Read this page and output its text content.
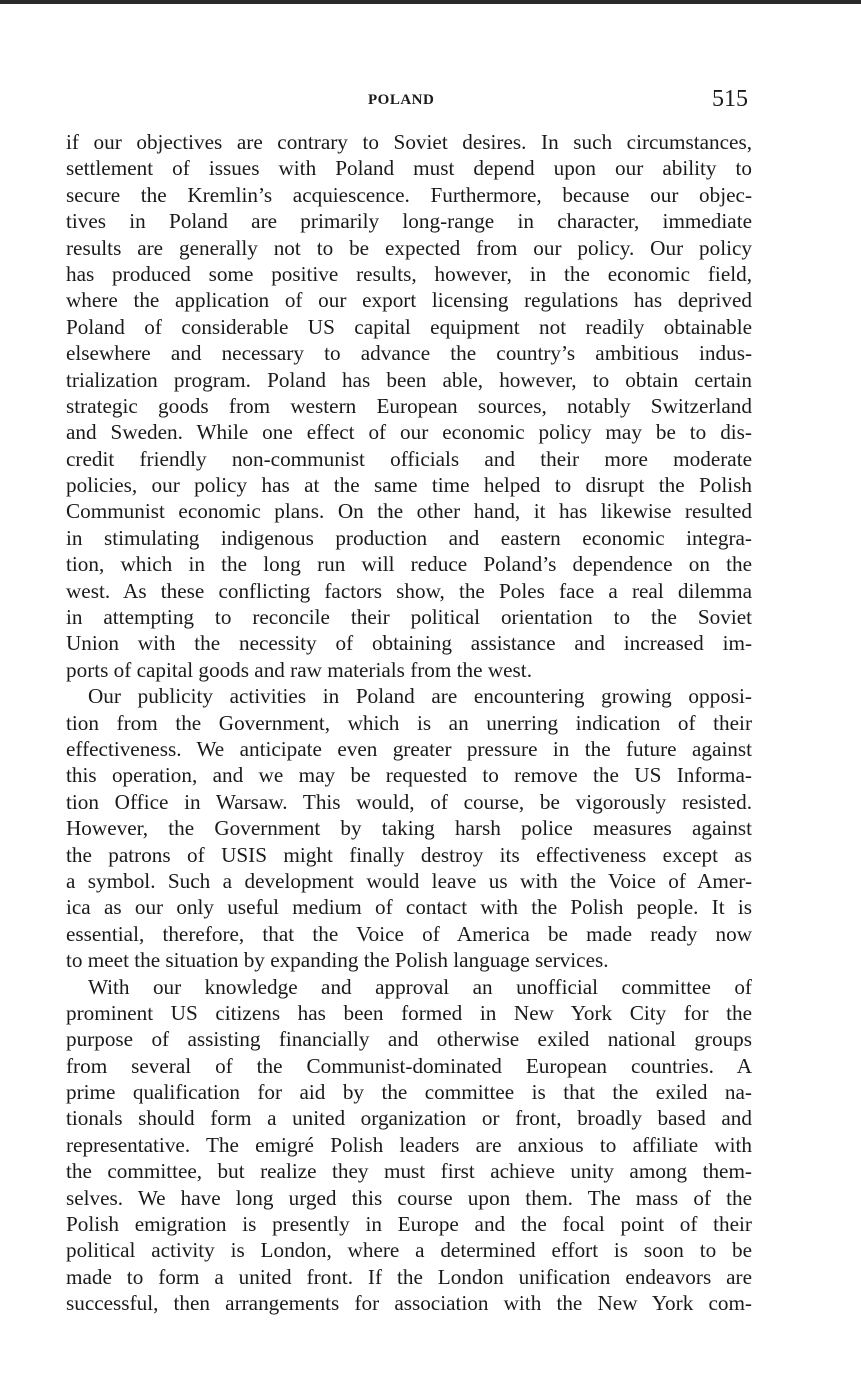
POLAND	515
if our objectives are contrary to Soviet desires. In such circumstances,
settlement of issues with Poland must depend upon our ability to
secure the Kremlin’s acquiescence. Furthermore, because our objec-
tives in Poland are primarily long-range in character, immediate
results are generally not to be expected from our policy. Our policy
has produced some positive results, however, in the economic field,
where the application of our export licensing regulations has deprived
Poland of considerable US capital equipment not readily obtainable
elsewhere and necessary to advance the country’s ambitious indus-
trialization program. Poland has been able, however, to obtain certain
strategic goods from western European sources, notably Switzerland
and Sweden. While one effect of our economic policy may be to dis-
credit friendly non-communist officials and their more moderate
policies, our policy has at the same time helped to disrupt the Polish
Communist economic plans. On the other hand, it has likewise resulted
in stimulating indigenous production and eastern economic integra-
tion, which in the long run will reduce Poland’s dependence on the
west. As these conflicting factors show, the Poles face a real dilemma
in attempting to reconcile their political orientation to the Soviet
Union with the necessity of obtaining assistance and increased im-
ports of capital goods and raw materials from the west.
Our publicity activities in Poland are encountering growing opposi-
tion from the Government, which is an unerring indication of their
effectiveness. We anticipate even greater pressure in the future against
this operation, and we may be requested to remove the US Informa-
tion Office in Warsaw. This would, of course, be vigorously resisted.
However, the Government by taking harsh police measures against
the patrons of USIS might finally destroy its effectiveness except as
a symbol. Such a development would leave us with the Voice of Amer-
ica as our only useful medium of contact with the Polish people. It is
essential, therefore, that the Voice of America be made ready now
to meet the situation by expanding the Polish language services.
With our knowledge and approval an unofficial committee of
prominent US citizens has been formed in New York City for the
purpose of assisting financially and otherwise exiled national groups
from several of the Communist-dominated European countries. A
prime qualification for aid by the committee is that the exiled na-
tionals should form a united organization or front, broadly based and
representative. The emigré Polish leaders are anxious to affiliate with
the committee, but realize they must first achieve unity among them-
selves. We have long urged this course upon them. The mass of the
Polish emigration is presently in Europe and the focal point of their
political activity is London, where a determined effort is soon to be
made to form a united front. If the London unification endeavors are
successful, then arrangements for association with the New York com-
